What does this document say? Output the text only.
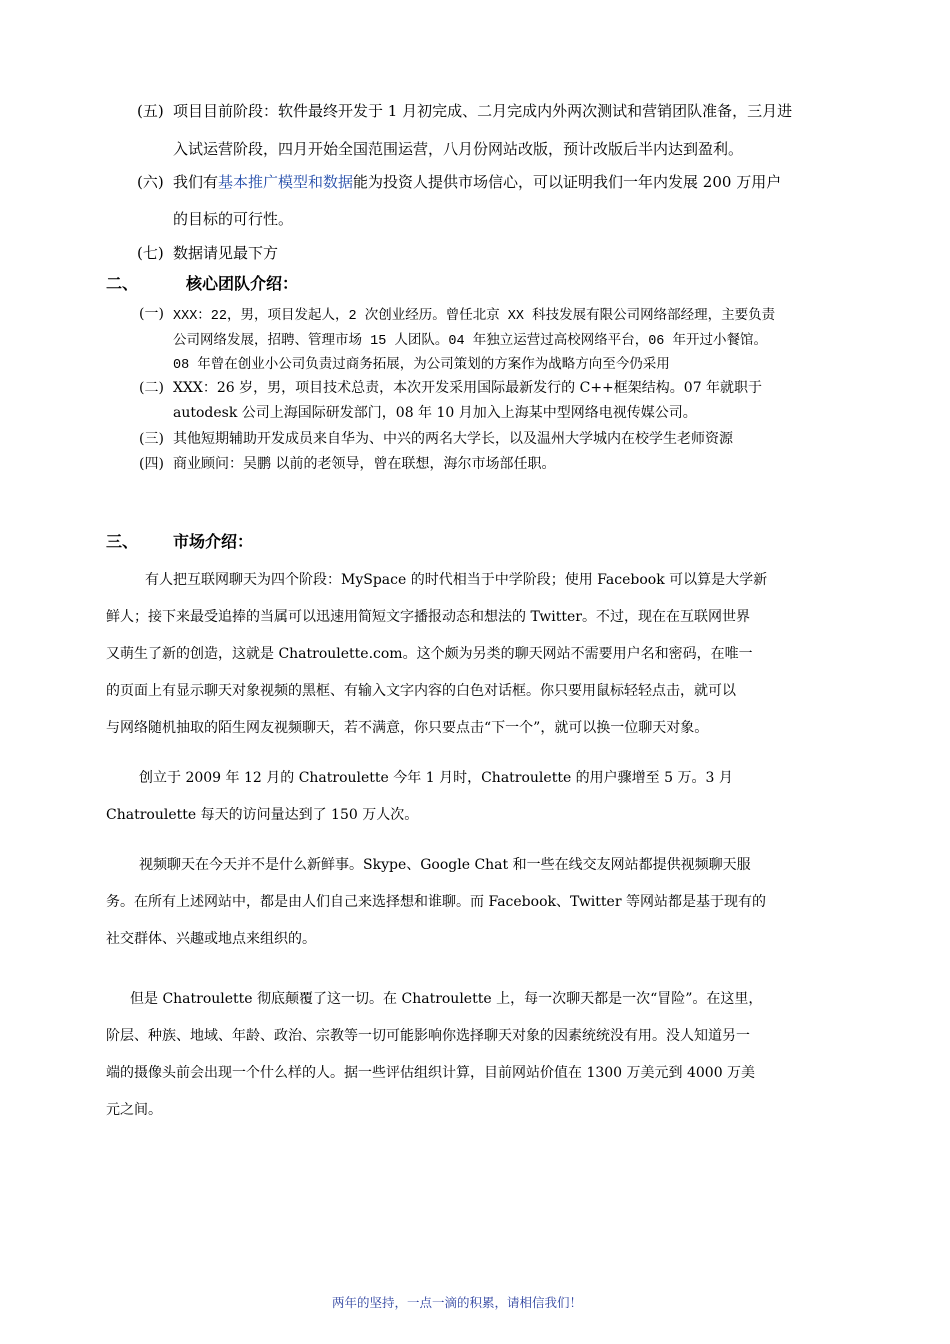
(五) 项目目前阶段：软件最终开发于 1 月初完成、二月完成内外两次测试和营销团队准备，三月进
入试运营阶段，四月开始全国范围运营，八月份网站改版，预计改版后半内达到盈利。
(六) 我们有基本推广模型和数据能为投资人提供市场信心，可以证明我们一年内发展 200 万用户
的目标的可行性。
(七) 数据请见最下方
二、	核心团队介绍：
(一) XXX：22，男，项目发起人，2 次创业经历。曾任北京 XX 科技发展有限公司网络部经理，主要负责
公司网络发展，招聘、管理市场 15 人团队。04 年独立运营过高校网络平台，06 年开过小餐馆。
08 年曾在创业小公司负责过商务拓展，为公司策划的方案作为战略方向至今仍采用
(二) XXX：26 岁，男，项目技术总责，本次开发采用国际最新发行的 C++框架结构。07 年就职于
autodesk 公司上海国际研发部门，08 年 10 月加入上海某中型网络电视传媒公司。
(三) 其他短期辅助开发成员来自华为、中兴的两名大学长，以及温州大学城内在校学生老师资源
(四) 商业顾问：吴鹏 以前的老领导，曾在联想，海尔市场部任职。
三、 市场介绍：
有人把互联网聊天为四个阶段：MySpace 的时代相当于中学阶段；使用 Facebook 可以算是大学新
鲜人；接下来最受追捧的当属可以迅速用简短文字播报动态和想法的 Twitter。不过，现在在互联网世界
又萌生了新的创造，这就是 Chatroulette.com。这个颇为另类的聊天网站不需要用户名和密码，在唯一
的页面上有显示聊天对象视频的黑框、有输入文字内容的白色对话框。你只要用鼠标轻轻点击，就可以
与网络随机抽取的陌生网友视频聊天，若不满意，你只要点击“下一个”，就可以换一位聊天对象。
创立于 2009 年 12 月的 Chatroulette 今年 1 月时，Chatroulette 的用户骤增至 5 万。3 月
Chatroulette 每天的访问量达到了 150 万人次。
视频聊天在今天并不是什么新鲜事。Skype、Google Chat 和一些在线交友网站都提供视频聊天服
务。在所有上述网站中，都是由人们自己来选择想和谁聊。而 Facebook、Twitter 等网站都是基于现有的
社交群体、兴趣或地点来组织的。
但是 Chatroulette 彻底颠覆了这一切。在 Chatroulette 上，每一次聊天都是一次“冒险”。在这里，
阶层、种族、地域、年龄、政治、宗教等一切可能影响你选择聊天对象的因素统统没有用。没人知道另一
端的摄像头前会出现一个什么样的人。据一些评估组织计算，目前网站价值在 1300 万美元到 4000 万美
元之间。
两年的坚持，一点一滴的积累，请相信我们！
